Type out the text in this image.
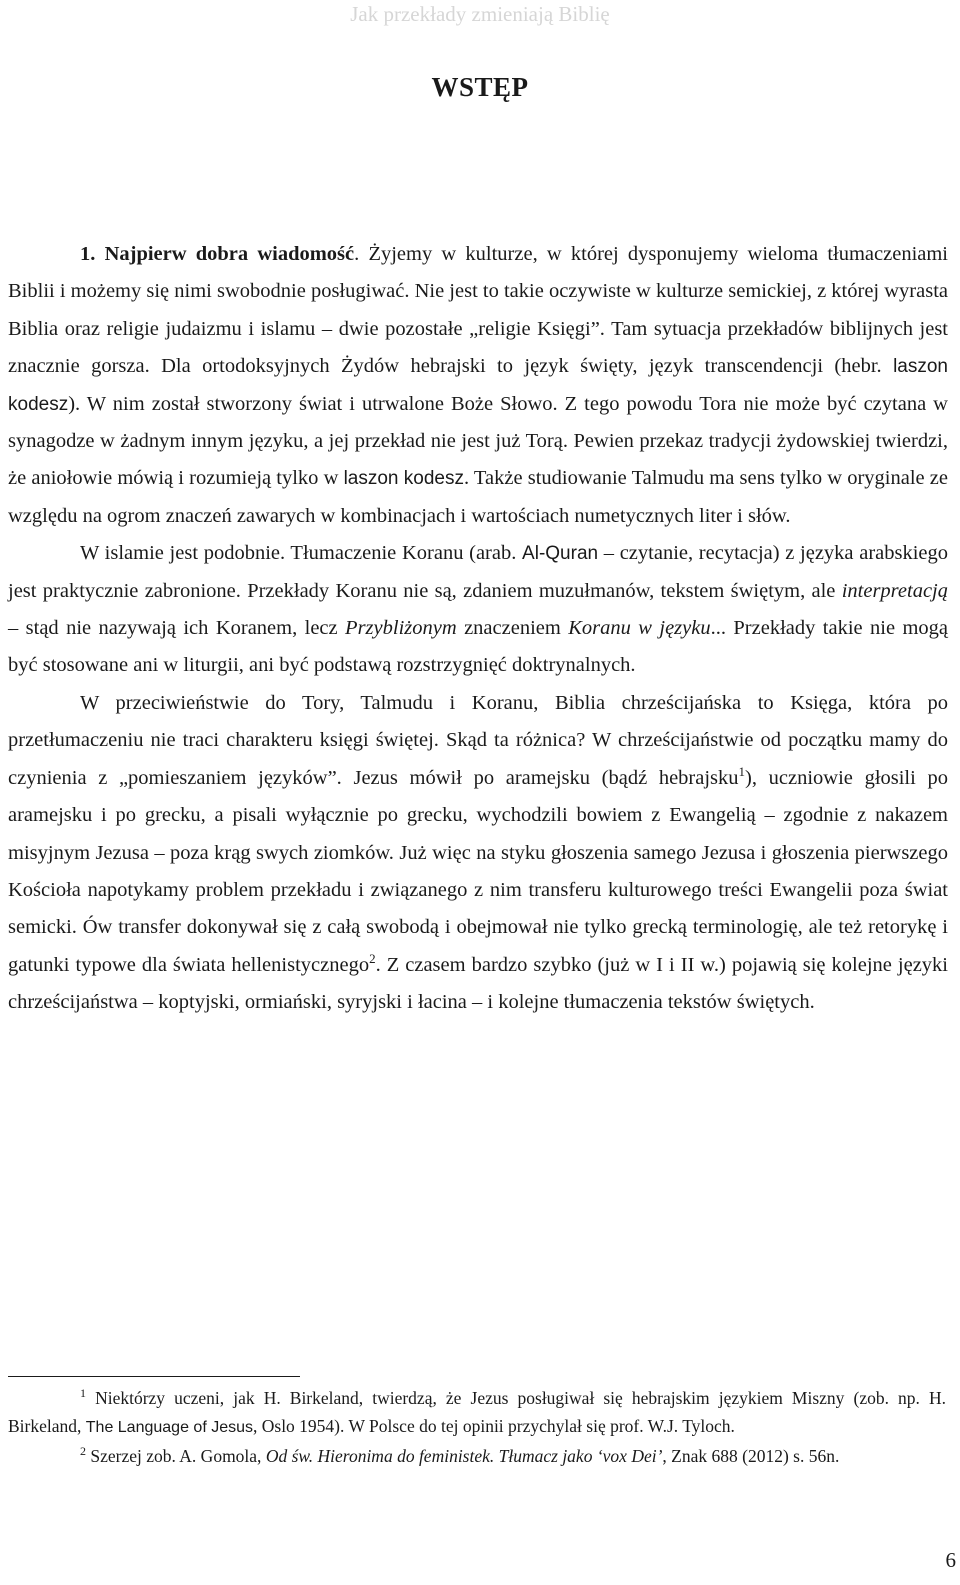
Jak przekłady zmieniają Biblię
WSTĘP

1. Najpierw dobra wiadomość. Żyjemy w kulturze, w której dysponujemy wieloma tłumaczeniami Biblii i możemy się nimi swobodnie posługiwać. Nie jest to takie oczywiste w kulturze semickiej, z której wyrasta Biblia oraz religie judaizmu i islamu – dwie pozostałe „religie Księgi”. Tam sytuacja przekładów biblijnych jest znacznie gorsza. Dla ortodoksyjnych Żydów hebrajski to język święty, język transcendencji (hebr. laszon kodesz). W nim został stworzony świat i utrwalone Boże Słowo. Z tego powodu Tora nie może być czytana w synagodze w żadnym innym języku, a jej przekład nie jest już Torą. Pewien przekaz tradycji żydowskiej twierdzi, że aniołowie mówią i rozumieją tylko w laszon kodesz. Także studiowanie Talmudu ma sens tylko w oryginale ze względu na ogrom znaczeń zawarych w kombinacjach i wartościach numetycznych liter i słów.

W islamie jest podobnie. Tłumaczenie Koranu (arab. Al-Quran – czytanie, recytacja) z języka arabskiego jest praktycznie zabronione. Przekłady Koranu nie są, zdaniem muzułmanów, tekstem świętym, ale interpretacją – stąd nie nazywają ich Koranem, lecz Przybliżonym znaczeniem Koranu w języku... Przekłady takie nie mogą być stosowane ani w liturgii, ani być podstawą rozstrzygnięć doktrynalnych.

W przeciwieństwie do Tory, Talmudu i Koranu, Biblia chrześcijańska to Księga, która po przetłumaczeniu nie traci charakteru księgi świętej. Skąd ta różnica? W chrześcijaństwie od początku mamy do czynienia z „pomieszaniem języków”. Jezus mówił po aramejsku (bądź hebrajsku$^1$), uczniowie głosili po aramejsku i po grecku, a pisali wyłącznie po grecku, wychodzili bowiem z Ewangelią – zgodnie z nakazem misyjnym Jezusa – poza krąg swych ziomków. Już więc na styku głoszenia samego Jezusa i głoszenia pierwszego Kościoła napotykamy problem przekładu i związanego z nim transferu kulturowego treści Ewangelii poza świat semicki. Ów transfer dokonywał się z całą swobodą i obejmował nie tylko grecką terminologię, ale też retorykę i gatunki typowe dla świata hellenistycznego$^2$. Z czasem bardzo szybko (już w I i II w.) pojawią się kolejne języki chrześcijaństwa – koptyjski, ormiański, syryjski i łacina – i kolejne tłumaczenia tekstów świętych.

$^1$ Niektórzy uczeni, jak H. Birkeland, twierdzą, że Jezus posługiwał się hebrajskim językiem Miszny (zob. np. H. Birkeland, The Language of Jesus, Oslo 1954). W Polsce do tej opinii przychylał się prof. W.J. Tyloch.

$^2$ Szerzej zob. A. Gomola, Od św. Hieronima do feministek. Tłumacz jako ‘vox Dei’, Znak 688 (2012) s. 56n.

6
